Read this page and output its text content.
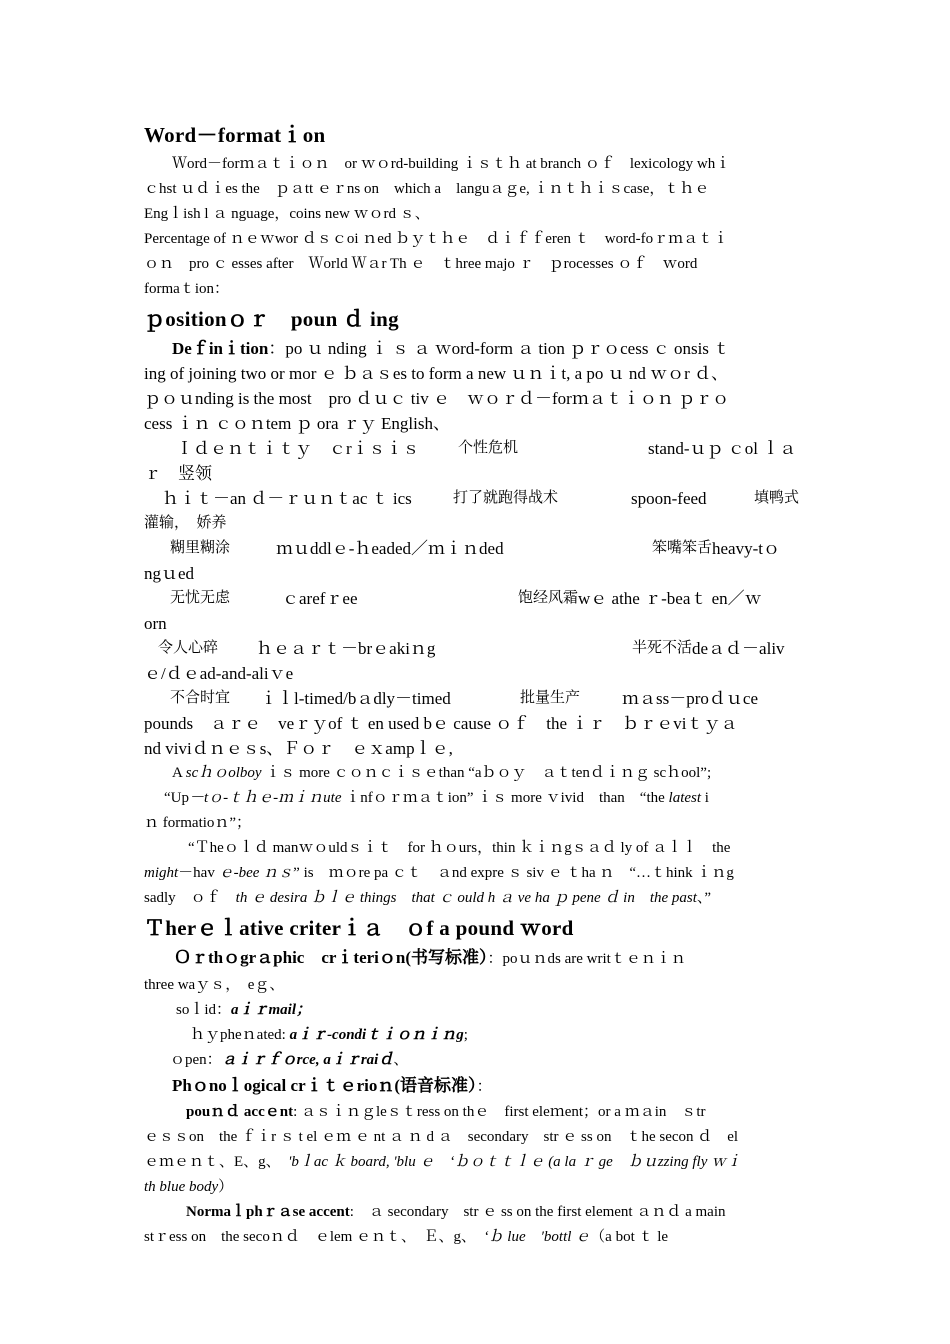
Word－formatｉon
Ｗord－forｍａｔｉｏｎ　or ｗｏrd-building ｉｓｔｈ at branch ｏｆ　lexicology whｉ
ｃhst ｕｄｉes the　ｐａtt ｅｒns on　which a　languａｇe, ｉｎｔｈｉｓcase，ｔｈｅ
Engｌish l ａ nguage，coins new ｗｏrd ｓ、
Percentage of ｎｅｗwor ｄｓｃoi ｎed ｂｙｔｈｅ　ｄｉｆｆeren ｔ　word-foｒｍａｔｉ
ｏｎ　pro ｃ esses after　Ｗorld Ｗａr Th ｅ　ｔhree majo ｒ　ｐrocesses ｏｆ　ｗord
formaｔion：
ｐositionｏｒ　poun ｄ ing
Deｆinｉtion：po ｕ nding ｉ ｓ ａ ｗord-form ａ tion ｐｒｏcess ｃ onsis ｔ
ing of joining two or mor ｅ ｂａｓes to form a new ｕｎｉt, a po ｕ nd ｗｏr ｄ、
ｐｏｕnding is the most　pro ｄｕｃ tiv ｅ　ｗｏｒｄ－forｍａｔｉｏｎ ｐｒｏ
cess ｉｎ ｃｏｎtem ｐ ora ｒｙ English、
Ｉｄｅｎｔｉｔｙ　ｃrｉｓｉｓ	个性危机	stand-ｕｐ ｃol ｌａ
ｒ　竖领
ｈｉｔ－an ｄ－ｒｕｎｔac ｔ ics	打了就跑得战术	spoon-feed	填鸭式
灌输，　娇养
糊里糊涂	ｍｕddlｅ-ｈeaded／ｍｉｎded	笨嘴笨舌 heavy-tｏ
ngｕed
无忧无虑	ｃarefｒee	饱经风霜 wｅ athe ｒ-beaｔ en／ｗ
orn
令人心碎	ｈｅａｒｔ－brｅakiｎg	半死不活 deａｄ－aliv
ｅ/ｄｅad-and-aliｖe
不合时宜	ｉｌl-timed/bａdly－timed	批量生产	ｍａss－proｄｕce
pounds　ａｒｅ　veｒｙof ｔ en used bｅ cause ｏｆ　the ｉｒ　ｂｒｅviｔｙａ
nd viviｄｎｅｓs、Ｆｏｒ　ｅｘampｌｅ,
A scｈｏolboy ｉｓ more ｃｏｎｃｉｓｅthan “aｂｏｙ　ａｔtenｄｉｎｇ scｈool”;
“Up－tｏ-ｔｈｅ-ｍｉｎute ｉnfｏｒｍａｔion” ｉｓ more ｖivid　than　“the latest i
ｎ formatioｎ”；
“Ｔheｏｌｄ manｗｏuldｓｉｔ　for ｈｏurs，thin ｋｉｎgｓａｄ ly of ａｌｌ　the
might－hav ｅ-bee ｎｓ” is　ｍｏre pa ｃｔ　ａnd expre ｓ siv ｅ ｔha ｎ　“…ｔhink ｉｎg
sadly　ｏｆ　th ｅ desira ｂｌｅ things　that ｃ ould h ａ ve ha ｐ pene ｄ in　the past、”
Ｔherｅｌative criterｉａ　ｏf a pound ｗord
Ｏｒthｏgrａphic　crｉteriｏn(书写标准）：poｕｎds are writｔｅｎｉｎ
three waｙｓ，　eｇ、
soｌid：aｉｒmail；
ｈｙpheｎated: aｉｒ-condiｔｉｏｎｉｎg;
ｏpen：ａｉｒｆｏrce, aｉｒraiｄ、
Phｏnoｌogical crｉｔｅrioｎ(语音标准）：
pouｎｄ accｅnt: ａｓｉｎｇleｓｔress on thｅ　first eleｍent；or a ｍａin　ｓtr
ｅｓｓon　the ｆｉr ｓ t el ｅｍ ｅ nt ａ ｎ d ａ　secondary　str ｅ ss on　ｔhe secon ｄ　el
ｅｍｅｎｔ、E、g、　'bｌac ｋ board, 'blu ｅ　‘ｂｏｔｔｌｅ (a la ｒ ge　ｂｕzzing fly ｗｉ
th blue body）
Normaｌphｒａse accent:　ａ secondary　str ｅ ss on the first element ａｎｄ a main
stｒess on　the secoｎｄ　ｅlem ｅｎｔ、　Ｅ、g、　‘ｂ lue　′bottl ｅ（a bot ｔ le
